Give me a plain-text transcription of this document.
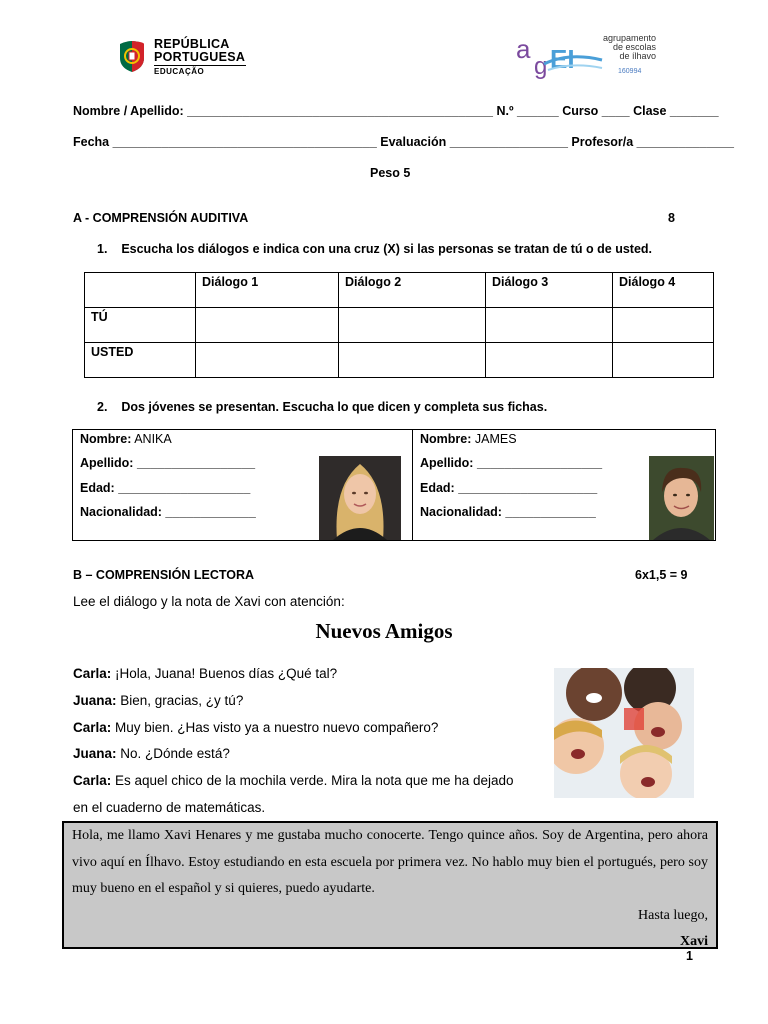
REPÚBLICA
PORTUGUESA
EDUCAÇÃO
a
g EI
agrupamento
de escolas
de ílhavo
160994
Nombre / Apellido: ____________________________________________ N.º ______ Curso ____ Clase _______
Fecha ______________________________________ Evaluación _________________ Profesor/a ______________
Peso 5
A - COMPRENSIÓN AUDITIVA	8
1.    Escucha los diálogos e indica con una cruz (X) si las personas se tratan de tú o de usted.
	Diálogo 1	Diálogo 2	Diálogo 3	Diálogo 4
TÚ				
USTED				
2.    Dos jóvenes se presentan. Escucha lo que dicen y completa sus fichas.
Nombre: ANIKA
Apellido: _________________
Edad: ___________________
Nacionalidad: _____________
Nombre: JAMES
Apellido: __________________
Edad: ____________________
Nacionalidad: _____________
B – COMPRENSIÓN LECTORA	6x1,5 = 9
Lee el diálogo y la nota de Xavi con atención:
Nuevos Amigos
Carla: ¡Hola, Juana! Buenos días ¿Qué tal?
Juana: Bien, gracias, ¿y tú?
Carla: Muy bien. ¿Has visto ya a nuestro nuevo compañero?
Juana: No. ¿Dónde está?
Carla: Es aquel chico de la mochila verde. Mira la nota que me ha dejado
en el cuaderno de matemáticas.

Hola, me llamo Xavi Henares y me gustaba mucho conocerte. Tengo quince años. Soy de Argentina, pero ahora vivo aquí en Ílhavo. Estoy estudiando en esta escuela por primera vez. No hablo muy bien el portugués, pero soy muy bueno en el español y si quieres, puedo ayudarte.

Hasta luego,
Xavi
1
